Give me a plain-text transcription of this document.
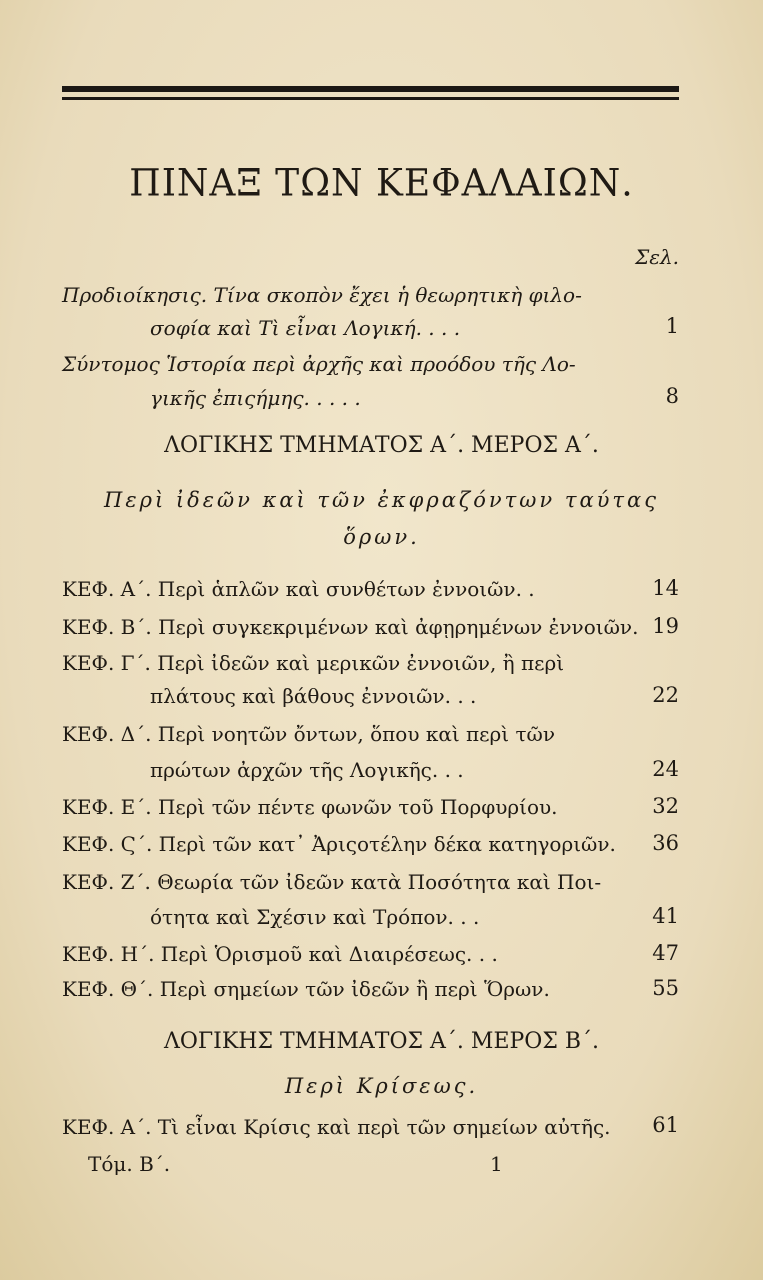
ΠΙΝΑΞ ΤΩΝ ΚΕΦΑΛΑΙΩΝ.
Σελ.
Προδιοίκησις. Τίνα σκοπὸν ἔχει ἡ θεωρητικὴ φιλο-
σοφία καὶ Τὶ εἶναι Λογική. . . .	1
Σύντομος Ἱστορία περὶ ἀρχῆς καὶ προόδου τῆς Λο-
γικῆς ἐπιςήμης. . . . .	8
ΛΟΓΙΚΗΣ ΤΜΗΜΑΤΟΣ Α΄. ΜΕΡΟΣ Α΄.
Περὶ ἰδεῶν καὶ τῶν ἐκφραζόντων ταύτας
ὅρων.
ΚΕΦ. Α΄. Περὶ ἁπλῶν καὶ συνθέτων ἐννοιῶν. .	14
ΚΕΦ. Β΄. Περὶ συγκεκριμένων καὶ ἀφῃρημένων ἐννοιῶν. 19
ΚΕΦ. Γ΄. Περὶ ἰδεῶν καὶ μερικῶν ἐννοιῶν, ἢ περὶ
πλάτους καὶ βάθους ἐννοιῶν. . .	22
ΚΕΦ. Δ΄. Περὶ νοητῶν ὄντων, ὅπου καὶ περὶ τῶν
πρώτων ἀρχῶν τῆς Λογικῆς. . .	24
ΚΕΦ. Ε΄. Περὶ τῶν πέντε φωνῶν τοῦ Πορφυρίου.	32
ΚΕΦ. Ϛ΄. Περὶ τῶν κατ᾽ Ἀριςοτέλην δέκα κατηγοριῶν.	36
ΚΕΦ. Ζ΄. Θεωρία τῶν ἰδεῶν κατὰ Ποσότητα καὶ Ποι-
ότητα καὶ Σχέσιν καὶ Τρόπον. . .	41
ΚΕΦ. Η΄. Περὶ Ὁρισμοῦ καὶ Διαιρέσεως. . .	47
ΚΕΦ. Θ΄. Περὶ σημείων τῶν ἰδεῶν ἢ περὶ Ὅρων.	55
ΛΟΓΙΚΗΣ ΤΜΗΜΑΤΟΣ Α΄. ΜΕΡΟΣ Β΄.
Περὶ Κρίσεως.
ΚΕΦ. Α΄. Τὶ εἶναι Κρίσις καὶ περὶ τῶν σημείων αὐτῆς.	61
Τόμ. Β΄.	1
